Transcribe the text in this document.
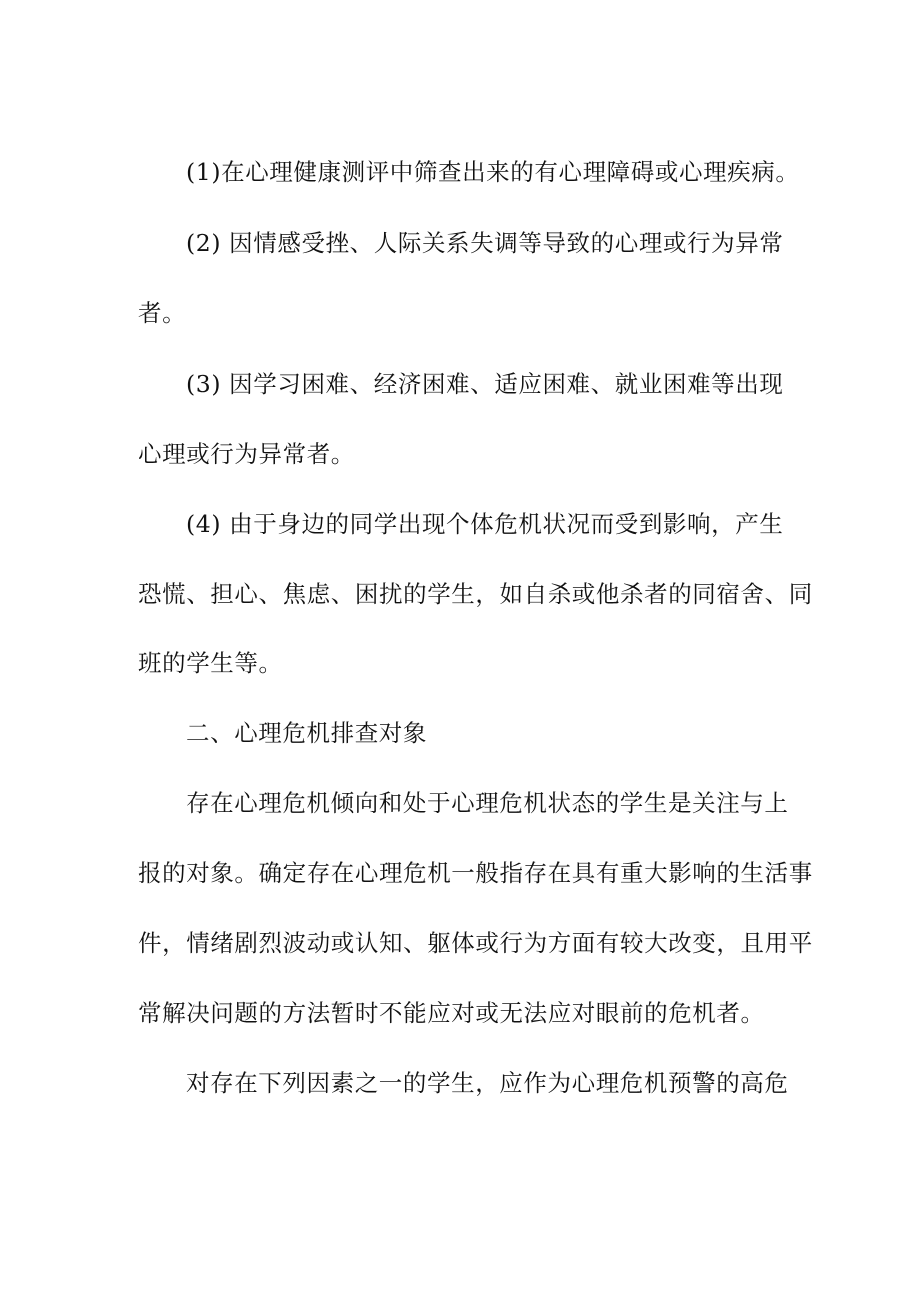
(1)在心理健康测评中筛查出来的有心理障碍或心理疾病。
(2) 因情感受挫、人际关系失调等导致的心理或行为异常
者。
(3) 因学习困难、经济困难、适应困难、就业困难等出现
心理或行为异常者。
(4) 由于身边的同学出现个体危机状况而受到影响，产生
恐慌、担心、焦虑、困扰的学生，如自杀或他杀者的同宿舍、同
班的学生等。
二、心理危机排查对象
存在心理危机倾向和处于心理危机状态的学生是关注与上
报的对象。确定存在心理危机一般指存在具有重大影响的生活事
件，情绪剧烈波动或认知、躯体或行为方面有较大改变，且用平
常解决问题的方法暂时不能应对或无法应对眼前的危机者。
对存在下列因素之一的学生，应作为心理危机预警的高危
